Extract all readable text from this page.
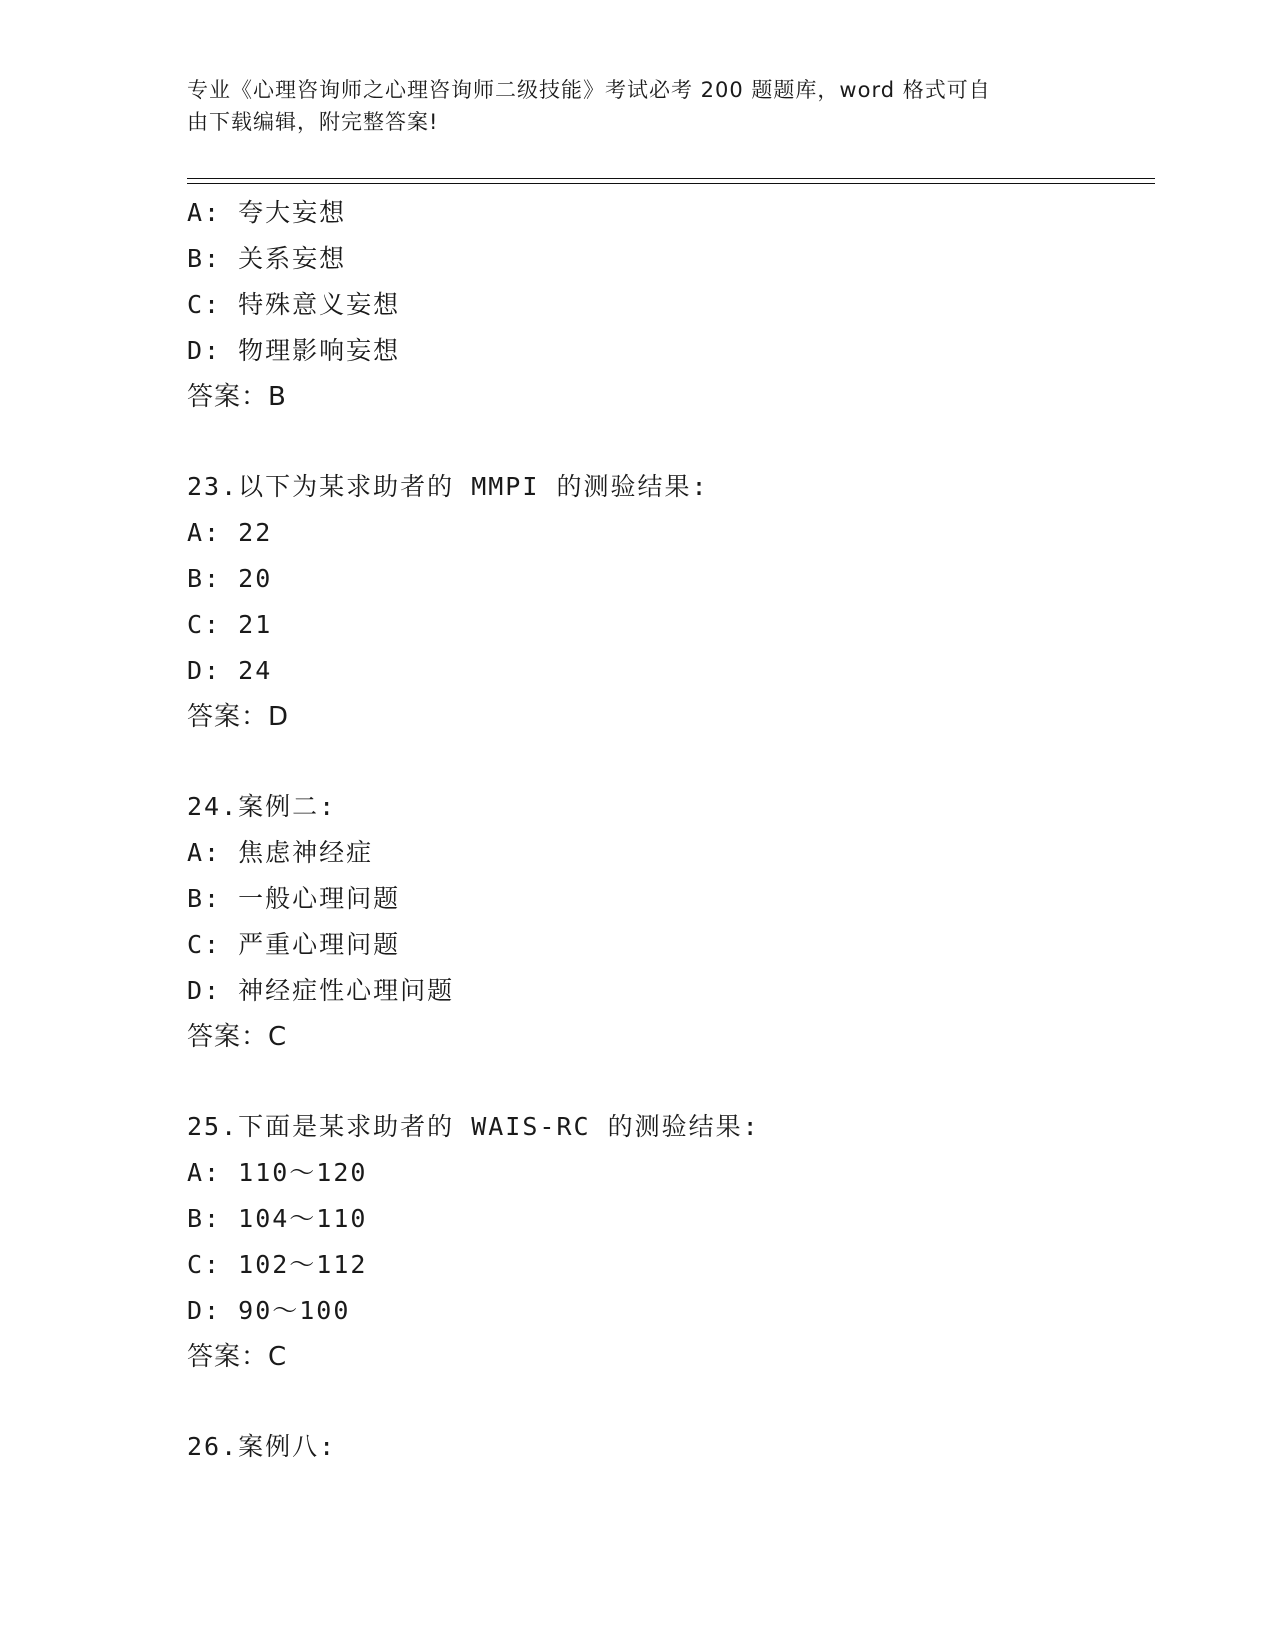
专业《心理咨询师之心理咨询师二级技能》考试必考 200 题题库，word 格式可自
由下载编辑，附完整答案!
A: 夸大妄想
B: 关系妄想
C: 特殊意义妄想
D: 物理影响妄想
答案：B
23.以下为某求助者的 MMPI 的测验结果:
A: 22
B: 20
C: 21
D: 24
答案：D
24.案例二:
A: 焦虑神经症
B: 一般心理问题
C: 严重心理问题
D: 神经症性心理问题
答案：C
25.下面是某求助者的 WAIS-RC 的测验结果:
A: 110～120
B: 104～110
C: 102～112
D: 90～100
答案：C
26.案例八:
